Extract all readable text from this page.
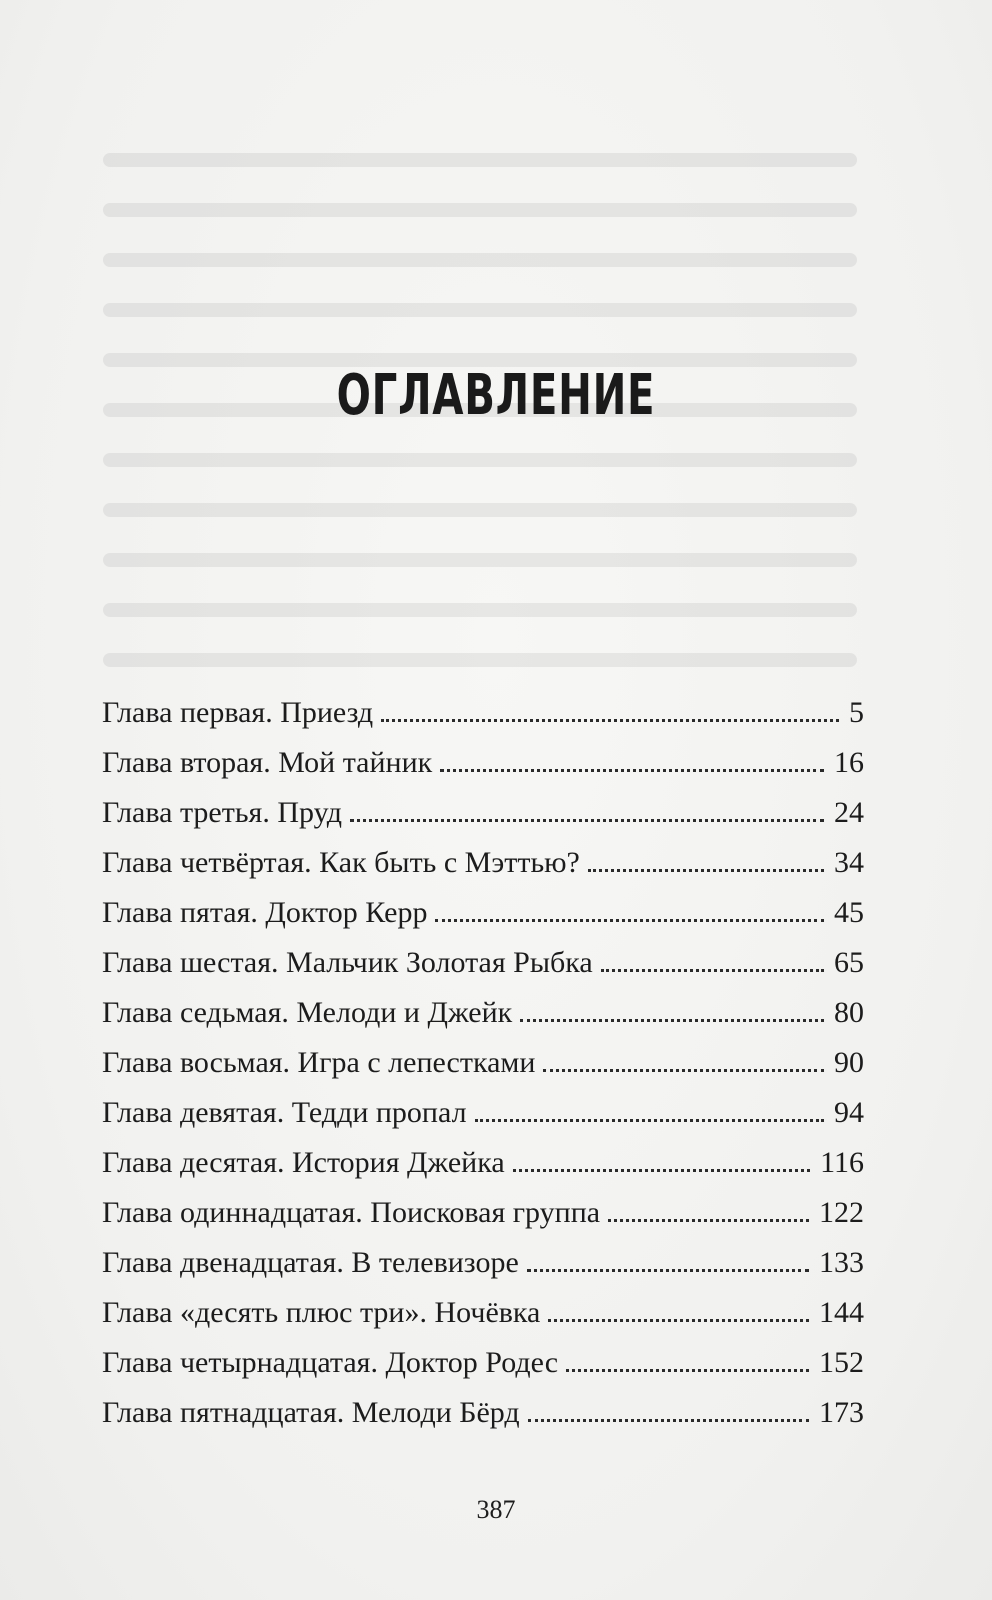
ОГЛАВЛЕНИЕ
Глава первая. Приезд	5
Глава вторая. Мой тайник	16
Глава третья. Пруд	24
Глава четвёртая. Как быть с Мэттью?	34
Глава пятая. Доктор Керр	45
Глава шестая. Мальчик Золотая Рыбка	65
Глава седьмая. Мелоди и Джейк	80
Глава восьмая. Игра с лепестками	90
Глава девятая. Тедди пропал	94
Глава десятая. История Джейка	116
Глава одиннадцатая. Поисковая группа	122
Глава двенадцатая. В телевизоре	133
Глава «десять плюс три». Ночёвка	144
Глава четырнадцатая. Доктор Родес	152
Глава пятнадцатая. Мелоди Бёрд	173
387
